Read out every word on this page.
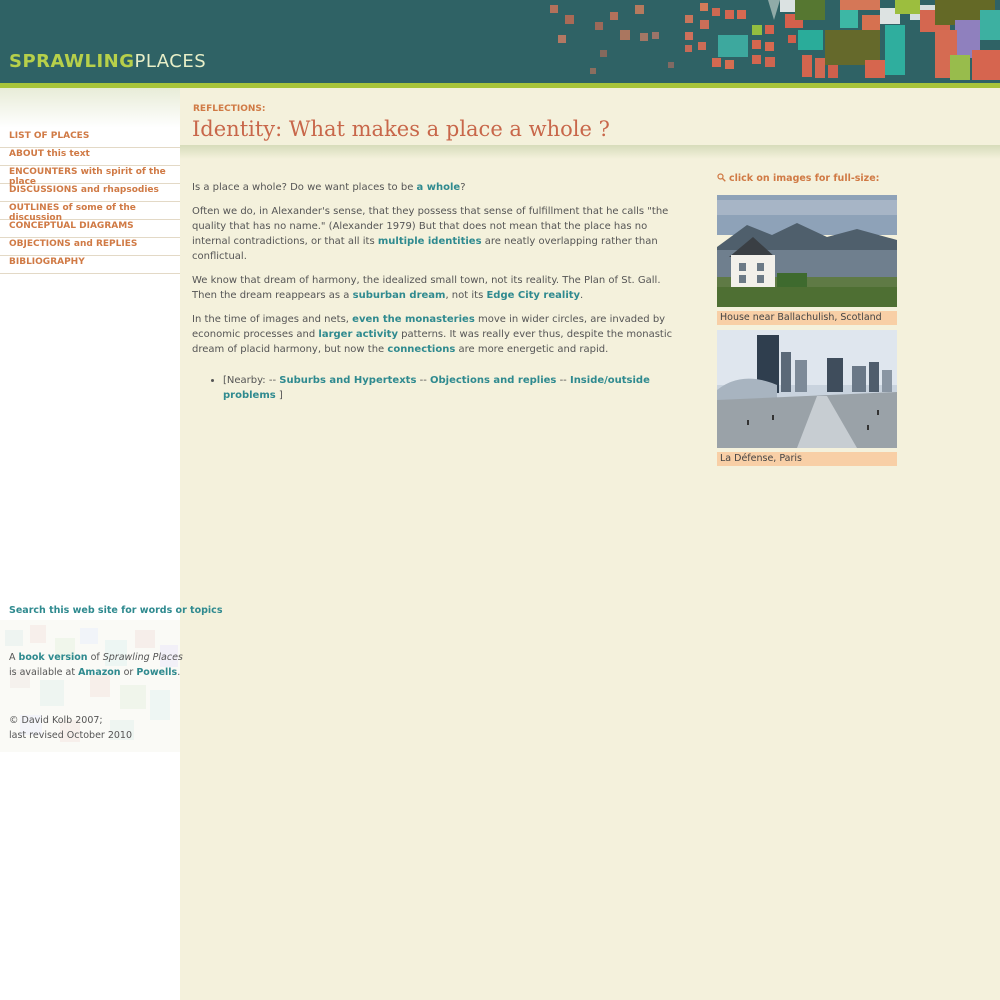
SPRAWLINGPLACES
LIST OF PLACES
ABOUT this text
ENCOUNTERS with spirit of the place
DISCUSSIONS and rhapsodies
OUTLINES of some of the discussion
CONCEPTUAL DIAGRAMS
OBJECTIONS and REPLIES
BIBLIOGRAPHY
Search this web site for words or topics
A book version of Sprawling Places
is available at Amazon or Powells.
© David Kolb 2007;
last revised October 2010
REFLECTIONS:
Identity: What makes a place a whole ?

Is a place a whole? Do we want places to be a whole?

Often we do, in Alexander's sense, that they possess that sense of fulfillment that he calls "the quality that has no name." (Alexander 1979) But that does not mean that the place has no internal contradictions, or that all its multiple identities are neatly overlapping rather than conflictual.

We know that dream of harmony, the idealized small town, not its reality. The Plan of St. Gall. Then the dream reappears as a suburban dream, not its Edge City reality.

In the time of images and nets, even the monasteries move in wider circles, are invaded by economic processes and larger activity patterns. It was really ever thus, despite the monastic dream of placid harmony, but now the connections are more energetic and rapid.

• [Nearby: -- Suburbs and Hypertexts -- Objections and replies -- Inside/outside problems ]
click on images for full-size:
House near Ballachulish, Scotland
La Défense, Paris
